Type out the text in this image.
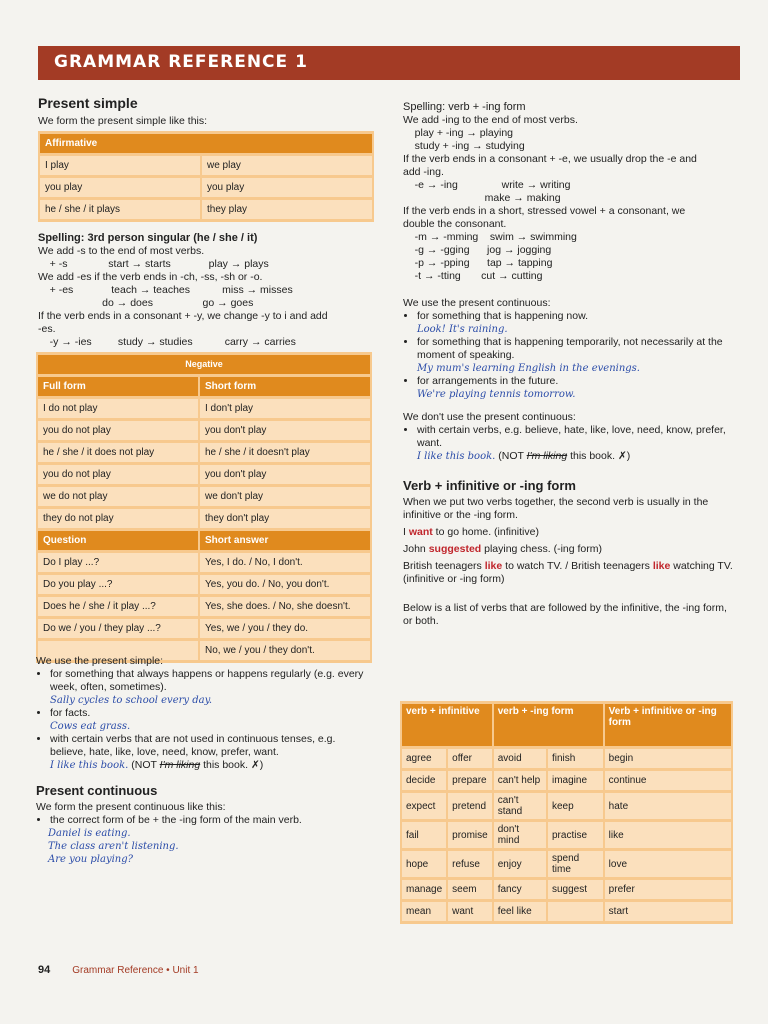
GRAMMAR REFERENCE 1
Present simple

We form the present simple like this:

Affirmative	
I play	we play
you play	you play
he / she / it plays	they play

Spelling: 3rd person singular (he / she / it)

We add -s to the end of most verbs.
+ -s              start → starts             play → plays
We add -es if the verb ends in -ch, -ss, -sh or -o.
+ -es             teach → teaches           miss → misses
do → does                 go → goes
If the verb ends in a consonant + -y, we change -y to i and add
-es.
-y → -ies         study → studies           carry → carries
Negative	
Full form	Short form
I do not play	I don't play
you do not play	you don't play
he / she / it does not play	he / she / it doesn't play
you do not play	you don't play
we do not play	we don't play
they do not play	they don't play
Question	Short answer
Do I play ...?	Yes, I do. / No, I don't.
Do you play ...?	Yes, you do. / No, you don't.
Does he / she / it play ...?	Yes, she does. / No, she doesn't.
Do we / you / they play ...?	Yes, we / you / they do.
	No, we / you / they don't.

We use the present simple:

• for something that always happens or happens regularly (e.g. every week, often, sometimes).
Sally cycles to school every day.
• for facts.
Cows eat grass.
• with certain verbs that are not used in continuous tenses, e.g. believe, hate, like, love, need, know, prefer, want.
I like this book. (NOT I'm liking this book. ✗)
Present continuous

We form the present continuous like this:

• the correct form of be + the -ing form of the main verb.
Daniel is eating.
The class aren't listening.
Are you playing?

Spelling: verb + -ing form

We add -ing to the end of most verbs.
play + -ing → playing
study + -ing → studying
If the verb ends in a consonant + -e, we usually drop the -e and
add -ing.
-e → -ing               write → writing
make → making
If the verb ends in a short, stressed vowel + a consonant, we
double the consonant.
-m → -mming    swim → swimming
-g → -gging      jog → jogging
-p → -pping      tap → tapping
-t → -tting       cut → cutting

We use the present continuous:

• for something that is happening now.
Look! It's raining.
• for something that is happening temporarily, not necessarily at the moment of speaking.
My mum's learning English in the evenings.
• for arrangements in the future.
We're playing tennis tomorrow.

We don't use the present continuous:

• with certain verbs, e.g. believe, hate, like, love, need, know, prefer, want.
I like this book. (NOT I'm liking this book. ✗)
Verb + infinitive or -ing form

When we put two verbs together, the second verb is usually in the infinitive or the -ing form.

I want to go home. (infinitive)

John suggested playing chess. (-ing form)

British teenagers like to watch TV. / British teenagers like watching TV. (infinitive or -ing form)

Below is a list of verbs that are followed by the infinitive, the -ing form, or both.

verb + infinitive		verb + -ing form		Verb + infinitive or -ing form
agree	offer	avoid	finish	begin
decide	prepare	can't help	imagine	continue
expect	pretend	can't stand	keep	hate
fail	promise	don't mind	practise	like
hope	refuse	enjoy	spend time	love
manage	seem	fancy	suggest	prefer
mean	want	feel like		start
94 Grammar Reference • Unit 1
